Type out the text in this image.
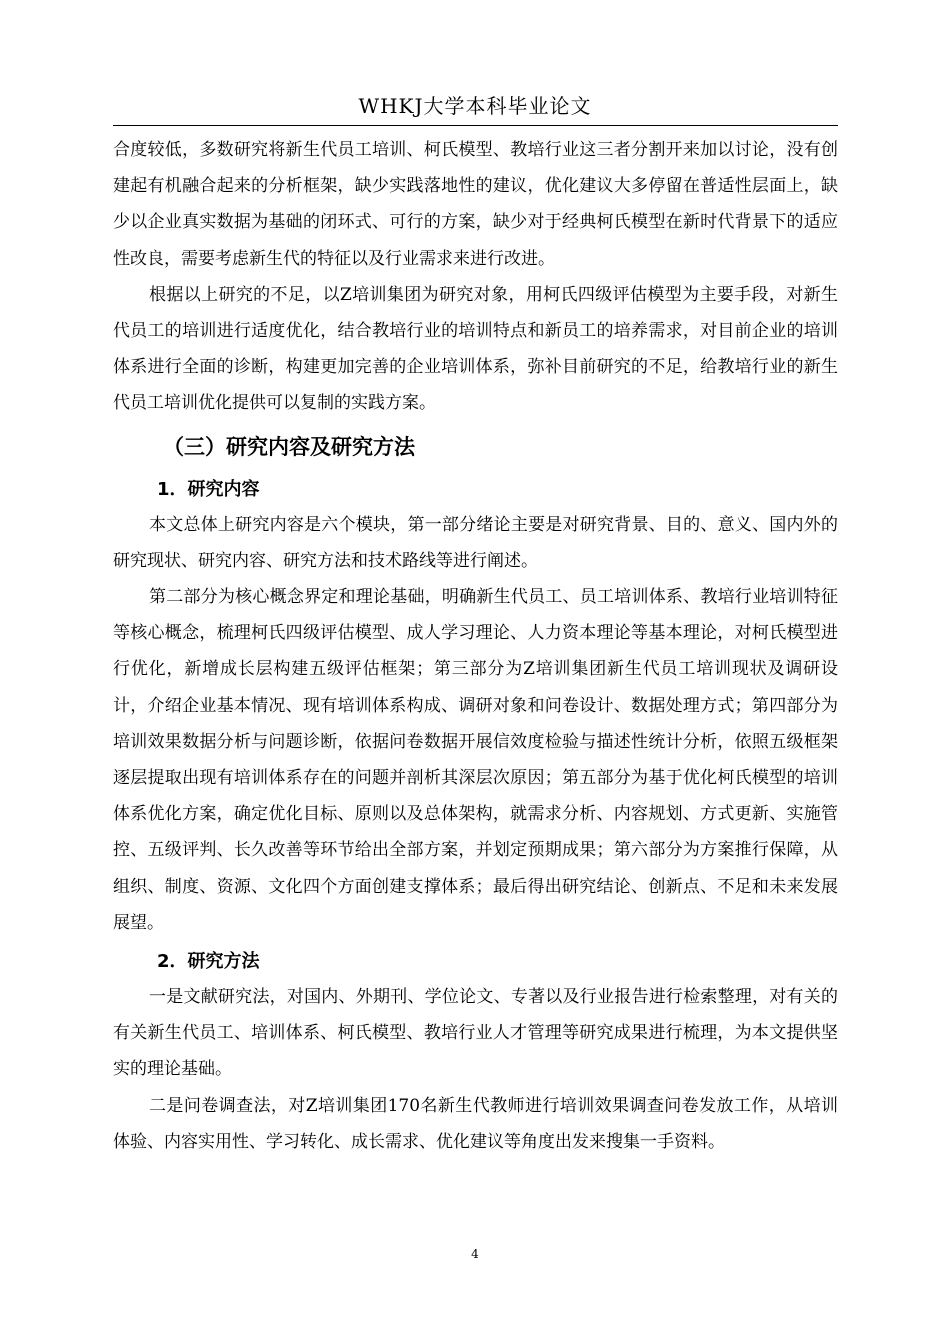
WHKJ大学本科毕业论文

合度较低，多数研究将新生代员工培训、柯氏模型、教培行业这三者分割开来加以讨论，没有创建起有机融合起来的分析框架，缺少实践落地性的建议，优化建议大多停留在普适性层面上，缺少以企业真实数据为基础的闭环式、可行的方案，缺少对于经典柯氏模型在新时代背景下的适应性改良，需要考虑新生代的特征以及行业需求来进行改进。

根据以上研究的不足，以Z培训集团为研究对象，用柯氏四级评估模型为主要手段，对新生代员工的培训进行适度优化，结合教培行业的培训特点和新员工的培养需求，对目前企业的培训体系进行全面的诊断，构建更加完善的企业培训体系，弥补目前研究的不足，给教培行业的新生代员工培训优化提供可以复制的实践方案。

（三）研究内容及研究方法
1．研究内容

本文总体上研究内容是六个模块，第一部分绪论主要是对研究背景、目的、意义、国内外的研究现状、研究内容、研究方法和技术路线等进行阐述。

第二部分为核心概念界定和理论基础，明确新生代员工、员工培训体系、教培行业培训特征等核心概念，梳理柯氏四级评估模型、成人学习理论、人力资本理论等基本理论，对柯氏模型进行优化，新增成长层构建五级评估框架；第三部分为Z培训集团新生代员工培训现状及调研设计，介绍企业基本情况、现有培训体系构成、调研对象和问卷设计、数据处理方式；第四部分为培训效果数据分析与问题诊断，依据问卷数据开展信效度检验与描述性统计分析，依照五级框架逐层提取出现有培训体系存在的问题并剖析其深层次原因；第五部分为基于优化柯氏模型的培训体系优化方案，确定优化目标、原则以及总体架构，就需求分析、内容规划、方式更新、实施管控、五级评判、长久改善等环节给出全部方案，并划定预期成果；第六部分为方案推行保障，从组织、制度、资源、文化四个方面创建支撑体系；最后得出研究结论、创新点、不足和未来发展展望。

2．研究方法

一是文献研究法，对国内、外期刊、学位论文、专著以及行业报告进行检索整理，对有关的有关新生代员工、培训体系、柯氏模型、教培行业人才管理等研究成果进行梳理，为本文提供坚实的理论基础。

二是问卷调查法，对Z培训集团170名新生代教师进行培训效果调查问卷发放工作，从培训体验、内容实用性、学习转化、成长需求、优化建议等角度出发来搜集一手资料。

4
